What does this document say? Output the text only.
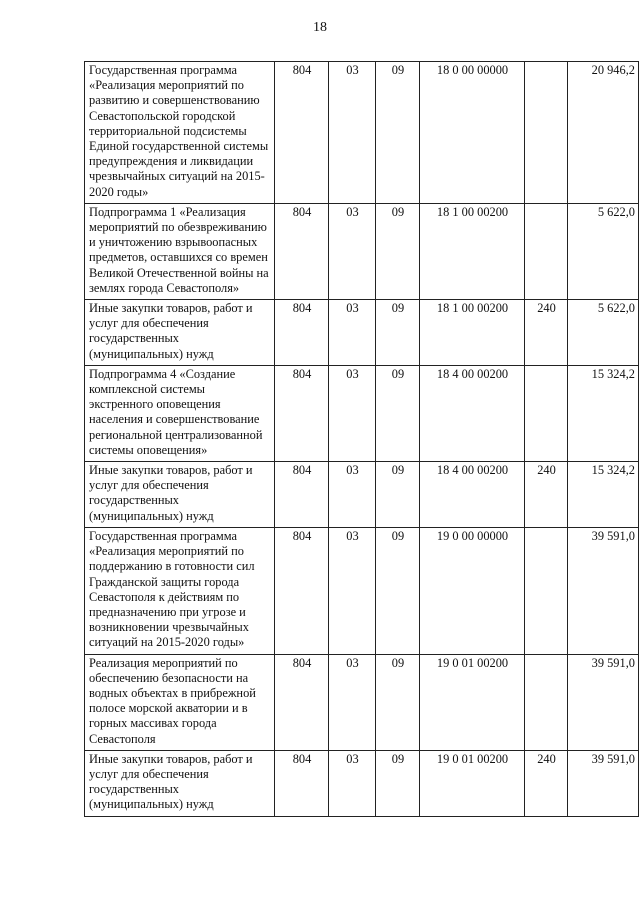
18
Государственная программа «Реализация мероприятий по развитию и совершенствованию Севастопольской городской территориальной подсистемы Единой государственной системы предупреждения и ликвидации чрезвычайных ситуаций на 2015-2020 годы»	804	03	09	18 0 00 00000		20 946,2
Подпрограмма 1 «Реализация мероприятий по обезвреживанию и уничтожению взрывоопасных предметов, оставшихся со времен Великой Отечественной войны на землях города Севастополя»	804	03	09	18 1 00 00200		5 622,0
Иные закупки товаров, работ и услуг для обеспечения государственных (муниципальных) нужд	804	03	09	18 1 00 00200	240	5 622,0
Подпрограмма 4 «Создание комплексной системы экстренного оповещения населения и совершенствование региональной централизованной системы оповещения»	804	03	09	18 4 00 00200		15 324,2
Иные закупки товаров, работ и услуг для обеспечения государственных (муниципальных) нужд	804	03	09	18 4 00 00200	240	15 324,2
Государственная программа «Реализация мероприятий по поддержанию в готовности сил Гражданской защиты города Севастополя к действиям по предназначению при угрозе и возникновении чрезвычайных ситуаций на 2015-2020 годы»	804	03	09	19 0 00 00000		39 591,0
Реализация мероприятий по обеспечению безопасности на водных объектах в прибрежной полосе морской акватории и в горных массивах города Севастополя	804	03	09	19 0 01 00200		39 591,0
Иные закупки товаров, работ и услуг для обеспечения государственных (муниципальных) нужд	804	03	09	19 0 01 00200	240	39 591,0
